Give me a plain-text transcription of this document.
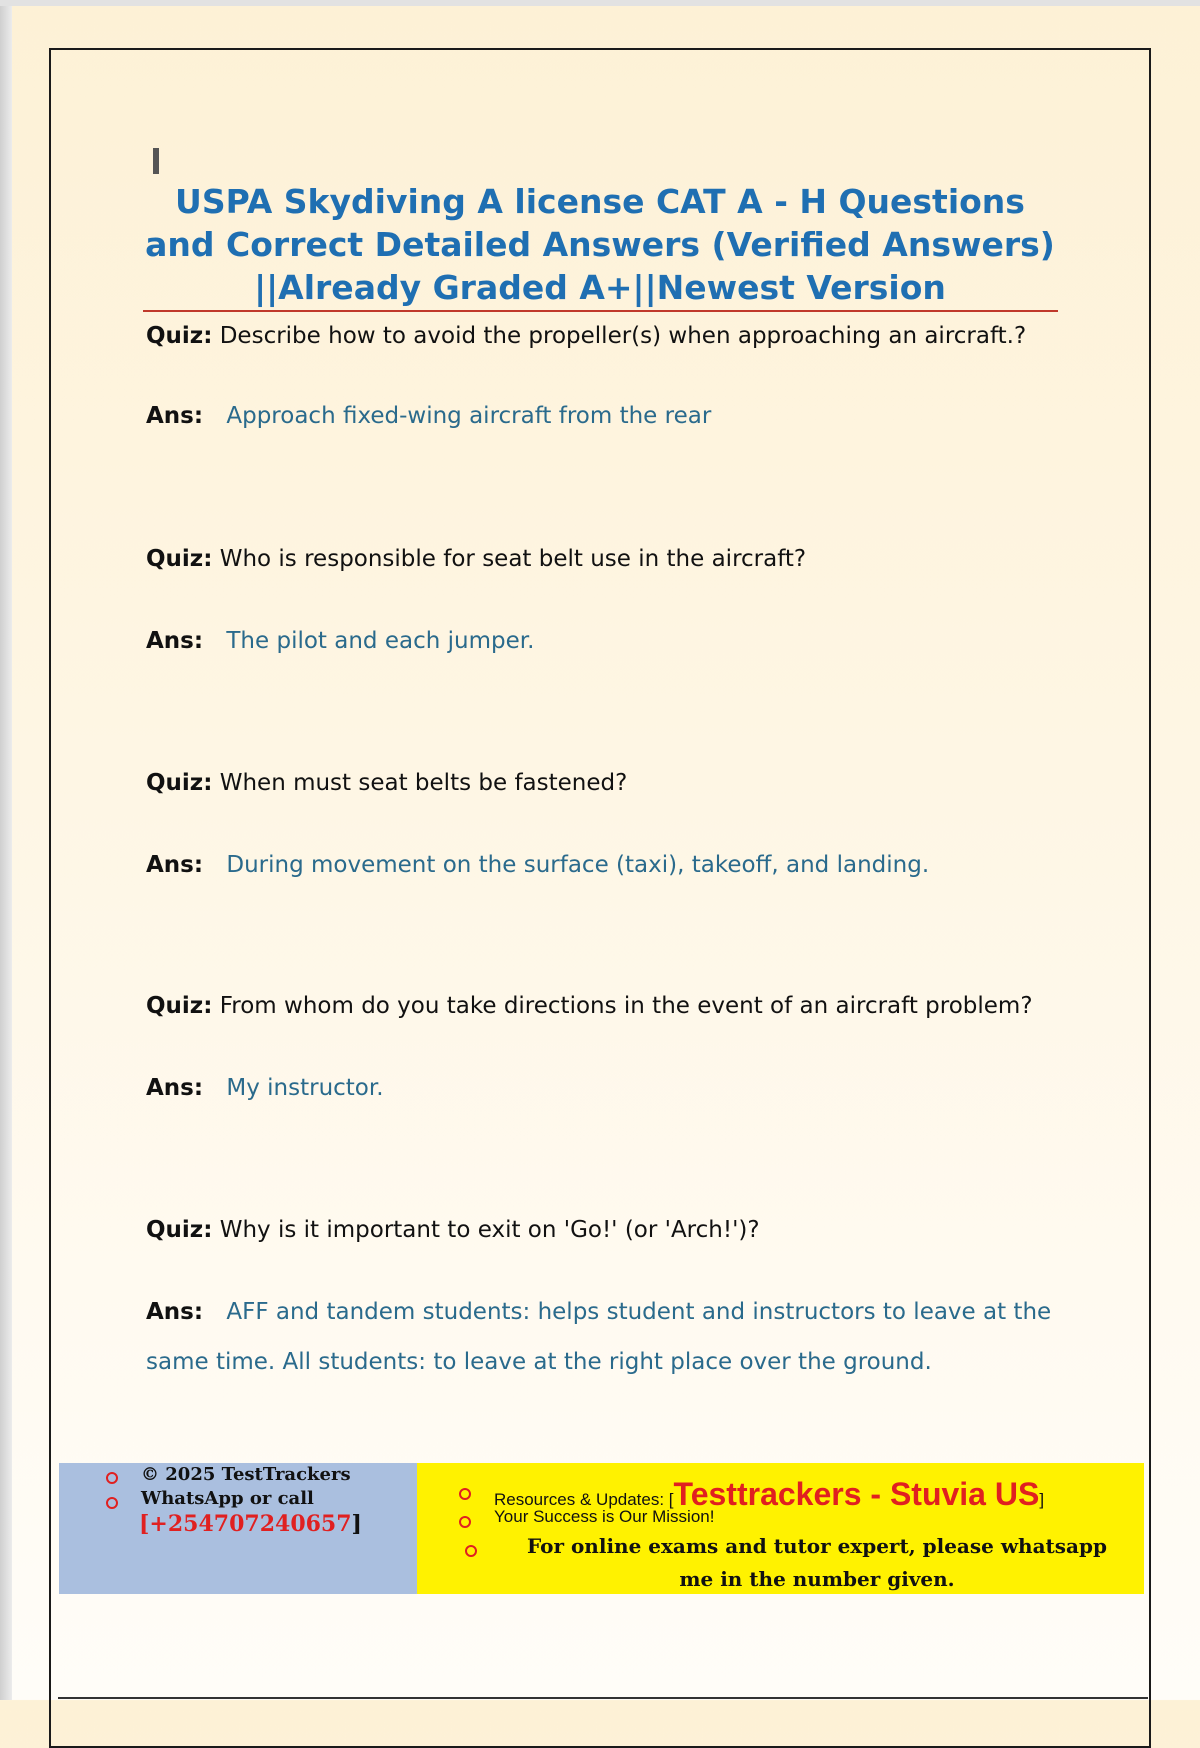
USPA Skydiving A license CAT A - H Questions and Correct Detailed Answers (Verified Answers) ||Already Graded A+||Newest Version
Quiz: Describe how to avoid the propeller(s) when approaching an aircraft.?
Ans: Approach fixed-wing aircraft from the rear
Quiz: Who is responsible for seat belt use in the aircraft?
Ans: The pilot and each jumper.
Quiz: When must seat belts be fastened?
Ans: During movement on the surface (taxi), takeoff, and landing.
Quiz: From whom do you take directions in the event of an aircraft problem?
Ans: My instructor.
Quiz: Why is it important to exit on 'Go!' (or 'Arch!')?
Ans: AFF and tandem students: helps student and instructors to leave at the
same time. All students: to leave at the right place over the ground.
© 2025 TestTrackers
WhatsApp or call
[+254707240657]
Resources & Updates: [Testtrackers - Stuvia US]
Your Success is Our Mission!
For online exams and tutor expert, please whatsapp
me in the number given.
